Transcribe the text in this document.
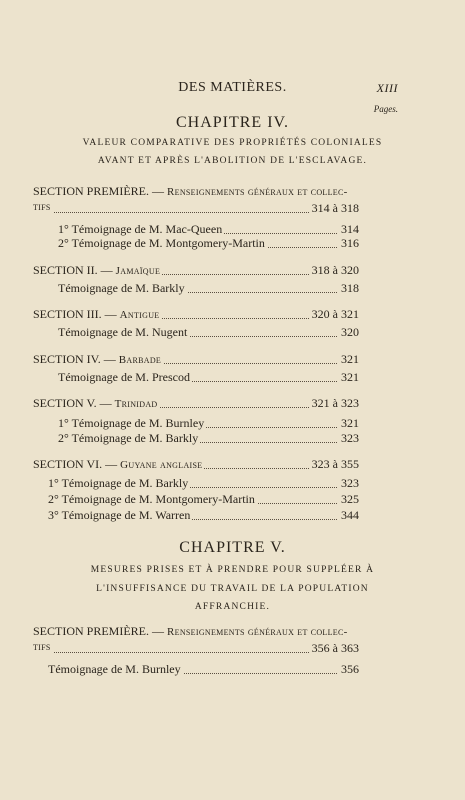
DES MATIÈRES.	XIII
Pages.
CHAPITRE IV.
VALEUR COMPARATIVE DES PROPRIÉTÉS COLONIALES
AVANT ET APRÈS L'ABOLITION DE L'ESCLAVAGE.
SECTION PREMIÈRE. — Renseignements généraux et collec-
tifs	314 à 318
1° Témoignage de M. Mac-Queen	314
2° Témoignage de M. Montgomery-Martin	316
SECTION II. — Jamaïque	318 à 320
Témoignage de M. Barkly	318
SECTION III. — Antigue	320 à 321
Témoignage de M. Nugent	320
SECTION IV. — Barbade	321
Témoignage de M. Prescod	321
SECTION V. — Trinidad	321 à 323
1° Témoignage de M. Burnley	321
2° Témoignage de M. Barkly	323
SECTION VI. — Guyane anglaise	323 à 355
1° Témoignage de M. Barkly	323
2° Témoignage de M. Montgomery-Martin	325
3° Témoignage de M. Warren	344
CHAPITRE V.
MESURES PRISES ET À PRENDRE POUR SUPPLÉER À
L'INSUFFISANCE DU TRAVAIL DE LA POPULATION
AFFRANCHIE.
SECTION PREMIÈRE. — Renseignements généraux et collec-
tifs	356 à 363
Témoignage de M. Burnley	356
